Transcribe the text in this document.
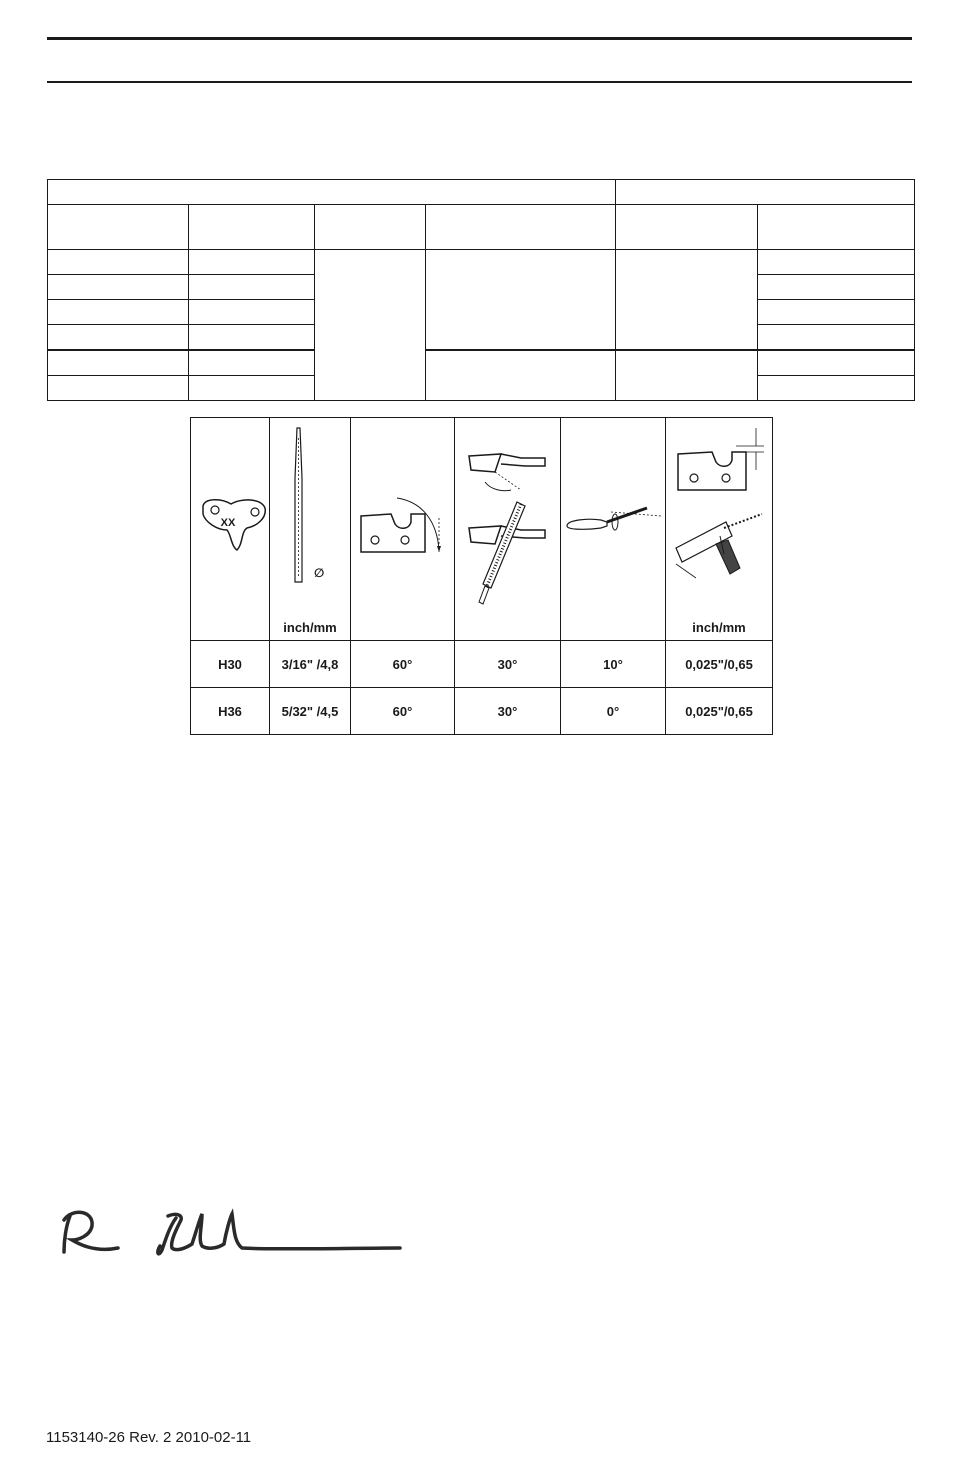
XX	∅
inch/mm				inch/mm

H30	3/16" /4,8	60°	30°	10°	0,025"/0,65
H36	5/32" /4,5	60°	30°	0°	0,025"/0,65
1153140-26 Rev. 2 2010-02-11
